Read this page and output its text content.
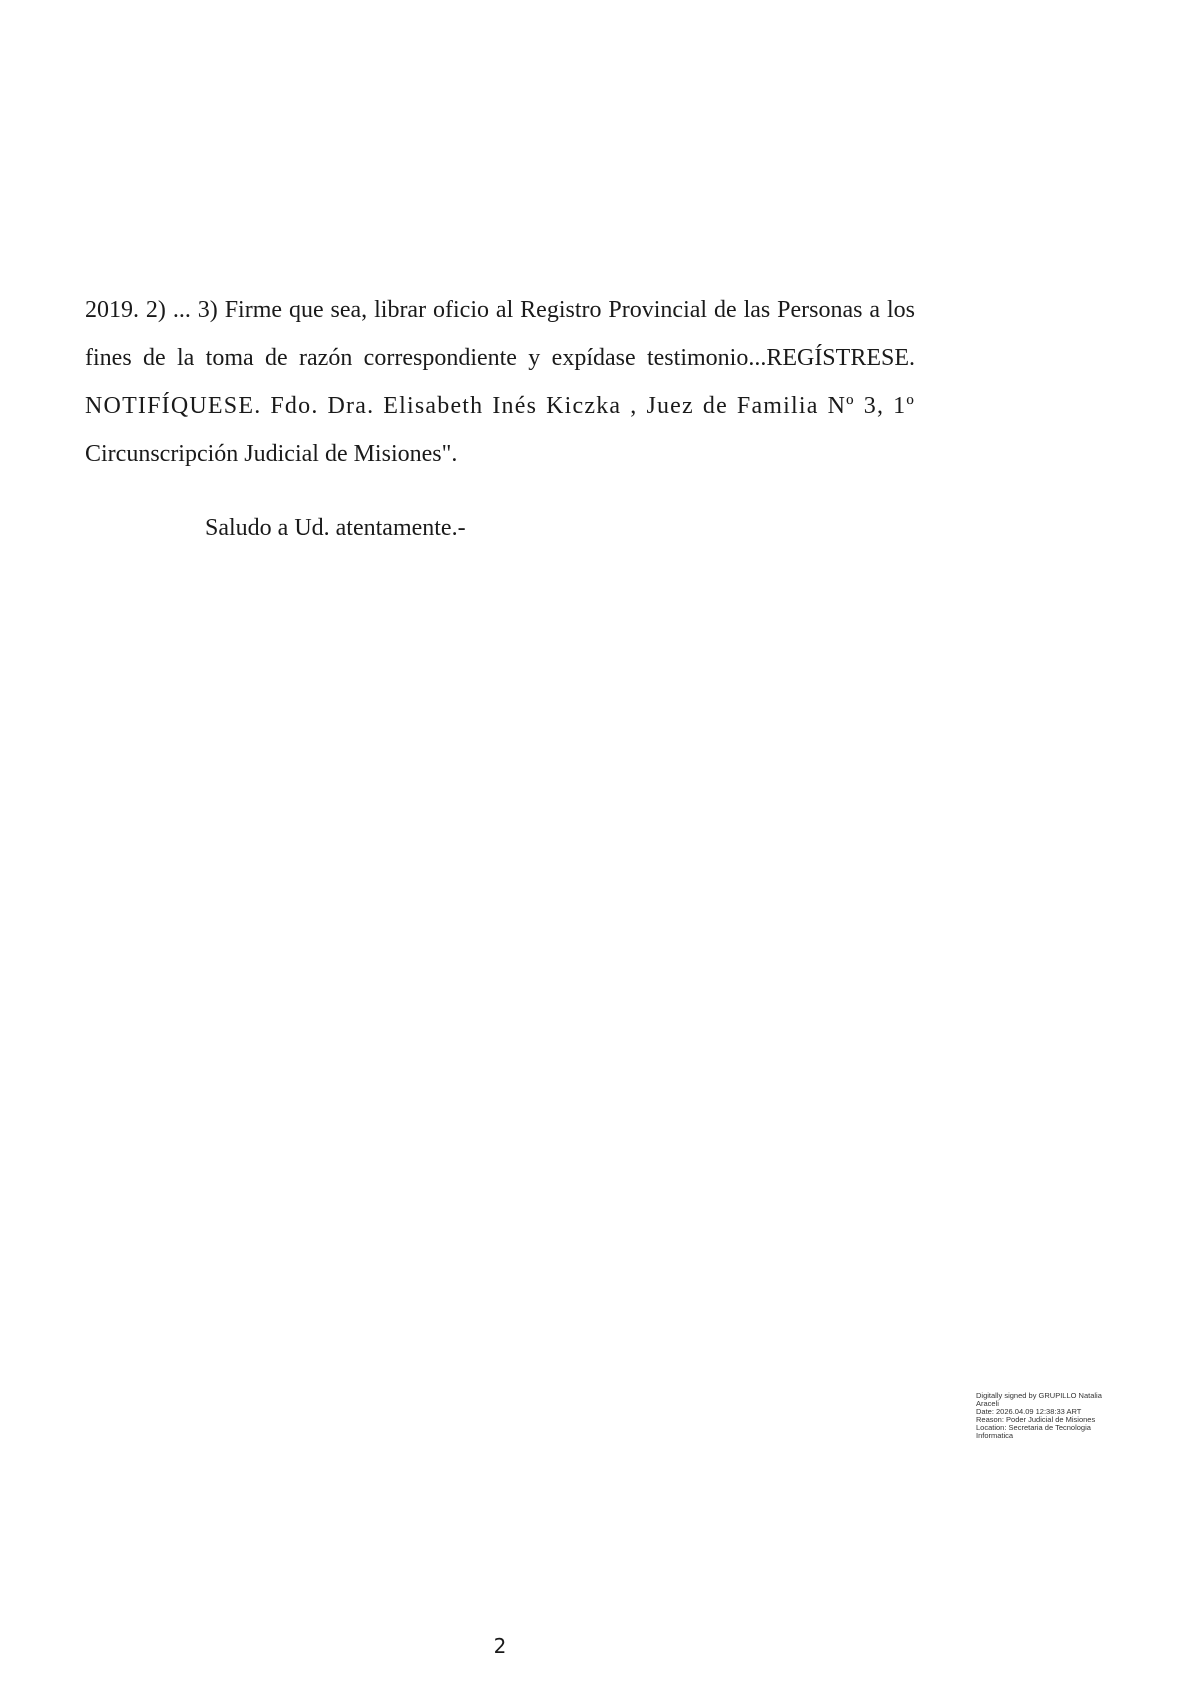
2019. 2) ... 3) Firme que sea, librar oficio al Registro Provincial de las Personas a los
fines de la toma de razón correspondiente y expídase testimonio...REGÍSTRESE.
NOTIFÍQUESE. Fdo. Dra. Elisabeth Inés Kiczka , Juez de Familia Nº 3, 1º
Circunscripción Judicial de Misiones".
Saludo a Ud. atentamente.-
Digitally signed by GRUPILLO Natalia
Araceli
Date: 2026.04.09 12:38:33 ART
Reason: Poder Judicial de Misiones
Location: Secretaria de Tecnologia
Informatica
2
